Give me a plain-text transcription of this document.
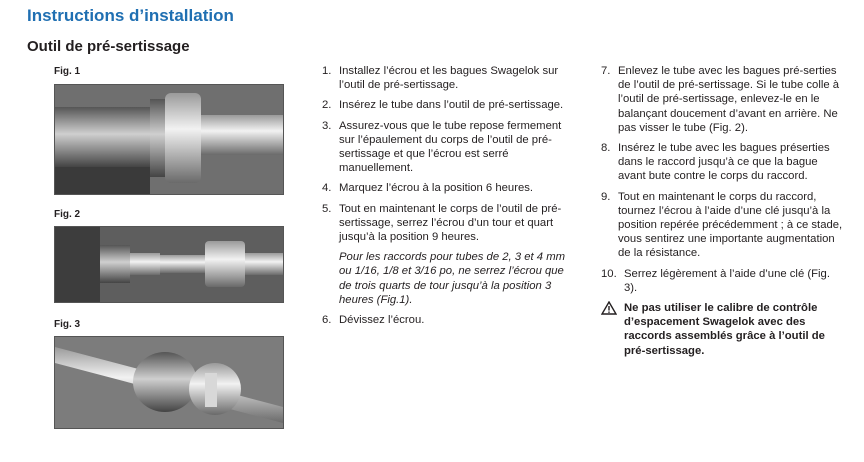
Instructions d’installation
Outil de pré-sertissage
Fig. 1
Fig. 2
Fig. 3
1. Installez l’écrou et les bagues Swagelok sur l’outil de pré-sertissage.
2. Insérez le tube dans l’outil de pré-sertissage.
3. Assurez-vous que le tube repose fermement sur l’épaulement du corps de l’outil de pré-sertissage et que l’écrou est serré manuellement.
4. Marquez l’écrou à la position 6 heures.
5. Tout en maintenant le corps de l’outil de pré-sertissage, serrez l’écrou d’un tour et quart jusqu’à la position 9 heures.

Pour les raccords pour tubes de 2, 3 et 4 mm ou 1/16, 1/8 et 3/16 po, ne serrez l’écrou que de trois quarts de tour jusqu’à la position 3 heures (Fig.1).

6. Dévissez l’écrou.
7. Enlevez le tube avec les bagues pré-serties de l’outil de pré-sertissage. Si le tube colle à l’outil de pré-sertissage, enlevez-le en le balançant doucement d’avant en arrière. Ne pas visser le tube (Fig. 2).
8. Insérez le tube avec les bagues préserties dans le raccord jusqu’à ce que la bague avant bute contre le corps du raccord.
9. Tout en maintenant le corps du raccord, tournez l’écrou à l’aide d’une clé jusqu’à la position repérée précédemment ; à ce stade, vous sentirez une importante augmentation de la résistance.
10. Serrez légèrement à l’aide d’une clé (Fig. 3).
Ne pas utiliser le calibre de contrôle d’espacement Swagelok avec des raccords assemblés grâce à l’outil de pré-sertissage.
